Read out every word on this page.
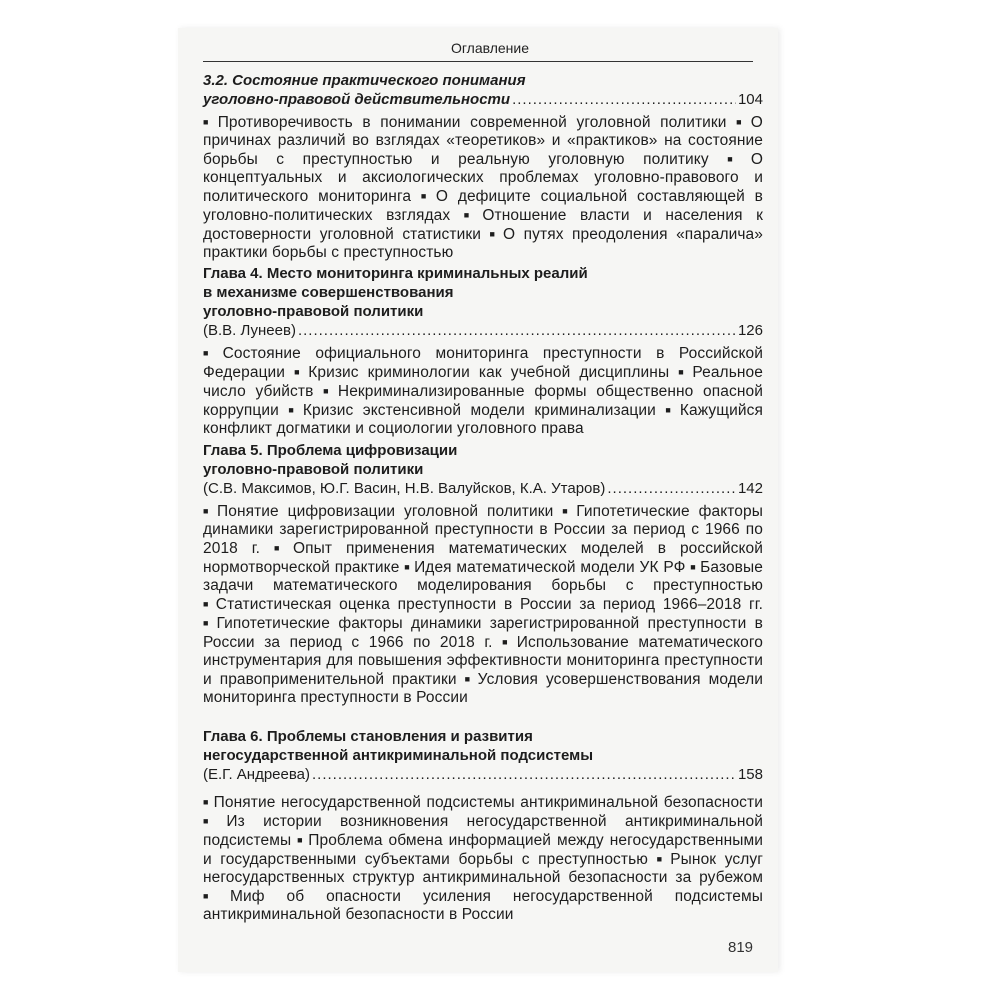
Оглавление
3.2. Состояние практического понимания
уголовно-правовой действительности .....	104

■ Противоречивость в понимании современной уголовной политики ■ О причинах различий во взглядах «теоретиков» и «практиков» на состояние борьбы с преступностью и реальную уголовную политику ■ О концептуальных и аксиологических проблемах уголовно-правового и политического мониторинга ■ О дефиците социальной составляющей в уголовно-политических взглядах ■ Отношение власти и населения к достоверности уголовной статистики ■ О путях преодоления «паралича» практики борьбы с преступностью

Глава 4. Место мониторинга криминальных реалий
в механизме совершенствования
уголовно-правовой политики
(В.В. Лунеев) .....	126

■ Состояние официального мониторинга преступности в Российской Федерации ■ Кризис криминологии как учебной дисциплины ■ Реальное число убийств ■ Некриминализированные формы общественно опасной коррупции ■ Кризис экстенсивной модели криминализации ■ Кажущийся конфликт догматики и социологии уголовного права

Глава 5. Проблема цифровизации
уголовно-правовой политики
(С.В. Максимов, Ю.Г. Васин, Н.В. Валуйсков, К.А. Утаров) .....	142

■ Понятие цифровизации уголовной политики ■ Гипотетические факторы динамики зарегистрированной преступности в России за период с 1966 по 2018 г. ■ Опыт применения математических моделей в российской нормотворческой практике ■ Идея математической модели УК РФ ■ Базовые задачи математического моделирования борьбы с преступностью ■ Статистическая оценка преступности в России за период 1966–2018 гг. ■ Гипотетические факторы динамики зарегистрированной преступности в России за период с 1966 по 2018 г. ■ Использование математического инструментария для повышения эффективности мониторинга преступности и правоприменительной практики ■ Условия усовершенствования модели мониторинга преступности в России

Глава 6. Проблемы становления и развития
негосударственной антикриминальной подсистемы
(Е.Г. Андреева) .....	158

■ Понятие негосударственной подсистемы антикриминальной безопасности ■ Из истории возникновения негосударственной антикриминальной подсистемы ■ Проблема обмена информацией между негосударственными и государственными субъектами борьбы с преступностью ■ Рынок услуг негосударственных структур антикриминальной безопасности за рубежом ■ Миф об опасности усиления негосударственной подсистемы антикриминальной безопасности в России

819
